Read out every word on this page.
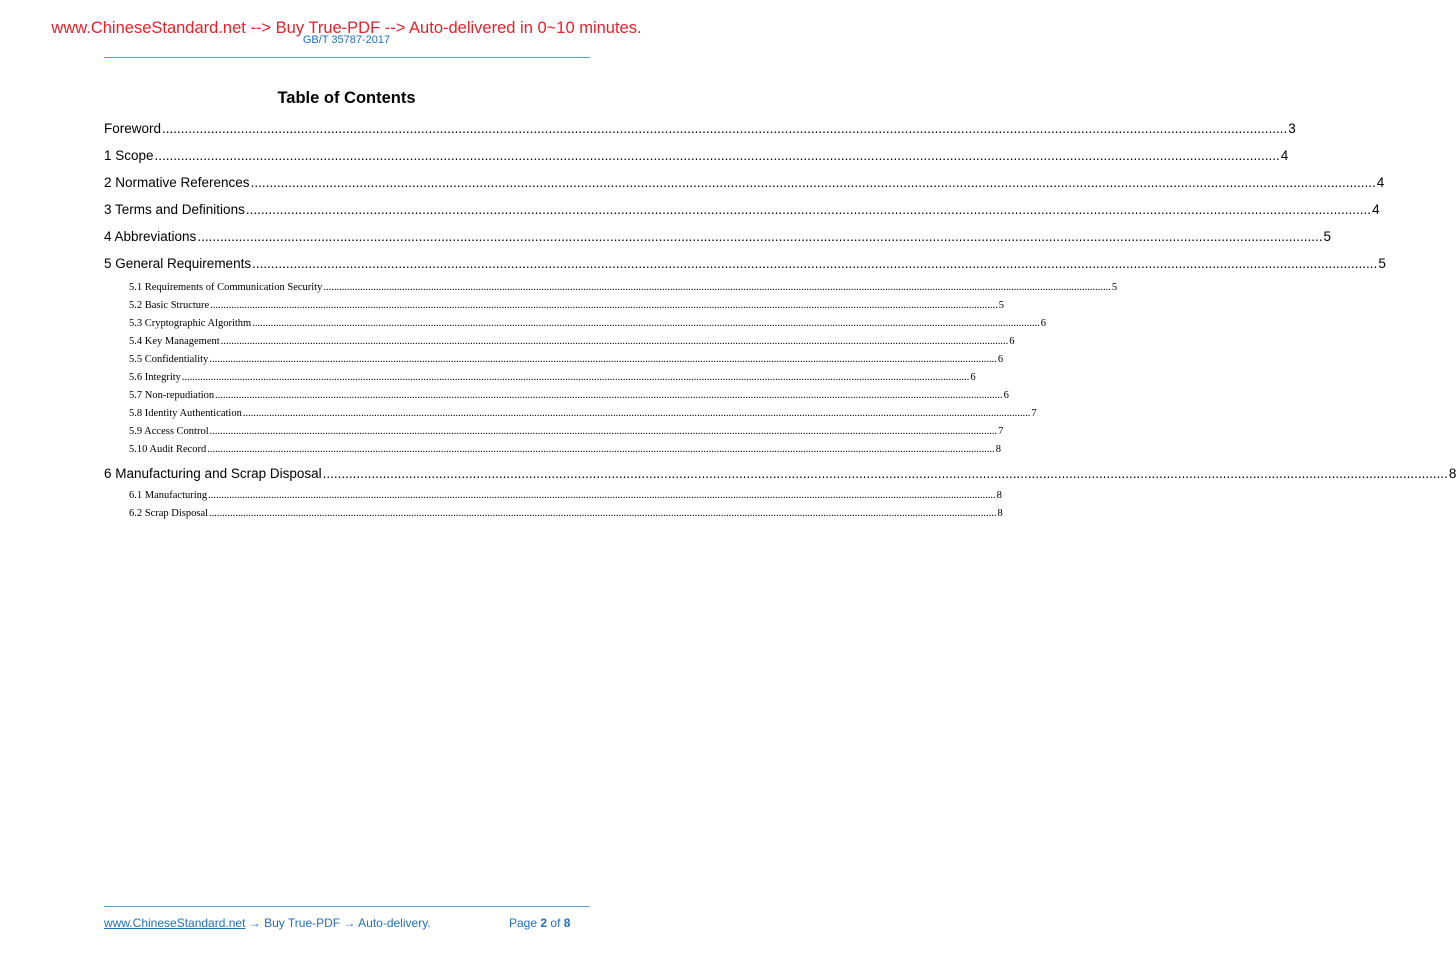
www.ChineseStandard.net --> Buy True-PDF --> Auto-delivered in 0~10 minutes.
GB/T 35787-2017
Table of Contents
Foreword ............................................................................................................................................................................................................................................................................................................ 3
1 Scope ............................................................................................................................................................................................................................................................................................................ 4
2 Normative References ............................................................................................................................................................................................................................................................................................................ 4
3 Terms and Definitions ............................................................................................................................................................................................................................................................................................................ 4
4 Abbreviations ............................................................................................................................................................................................................................................................................................................ 5
5 General Requirements ............................................................................................................................................................................................................................................................................................................ 5
5.1 Requirements of Communication Security ............................................................................................................................................................................................................................................................................................................ 5
5.2 Basic Structure ............................................................................................................................................................................................................................................................................................................ 5
5.3 Cryptographic Algorithm ............................................................................................................................................................................................................................................................................................................ 6
5.4 Key Management ............................................................................................................................................................................................................................................................................................................ 6
5.5 Confidentiality ............................................................................................................................................................................................................................................................................................................ 6
5.6 Integrity ............................................................................................................................................................................................................................................................................................................ 6
5.7 Non-repudiation ............................................................................................................................................................................................................................................................................................................ 6
5.8 Identity Authentication ............................................................................................................................................................................................................................................................................................................ 7
5.9 Access Control ............................................................................................................................................................................................................................................................................................................ 7
5.10 Audit Record ............................................................................................................................................................................................................................................................................................................ 8
6 Manufacturing and Scrap Disposal ............................................................................................................................................................................................................................................................................................................ 8
6.1 Manufacturing ............................................................................................................................................................................................................................................................................................................ 8
6.2 Scrap Disposal ............................................................................................................................................................................................................................................................................................................ 8
www.ChineseStandard.net → Buy True-PDF → Auto-delivery.	Page 2 of 8
